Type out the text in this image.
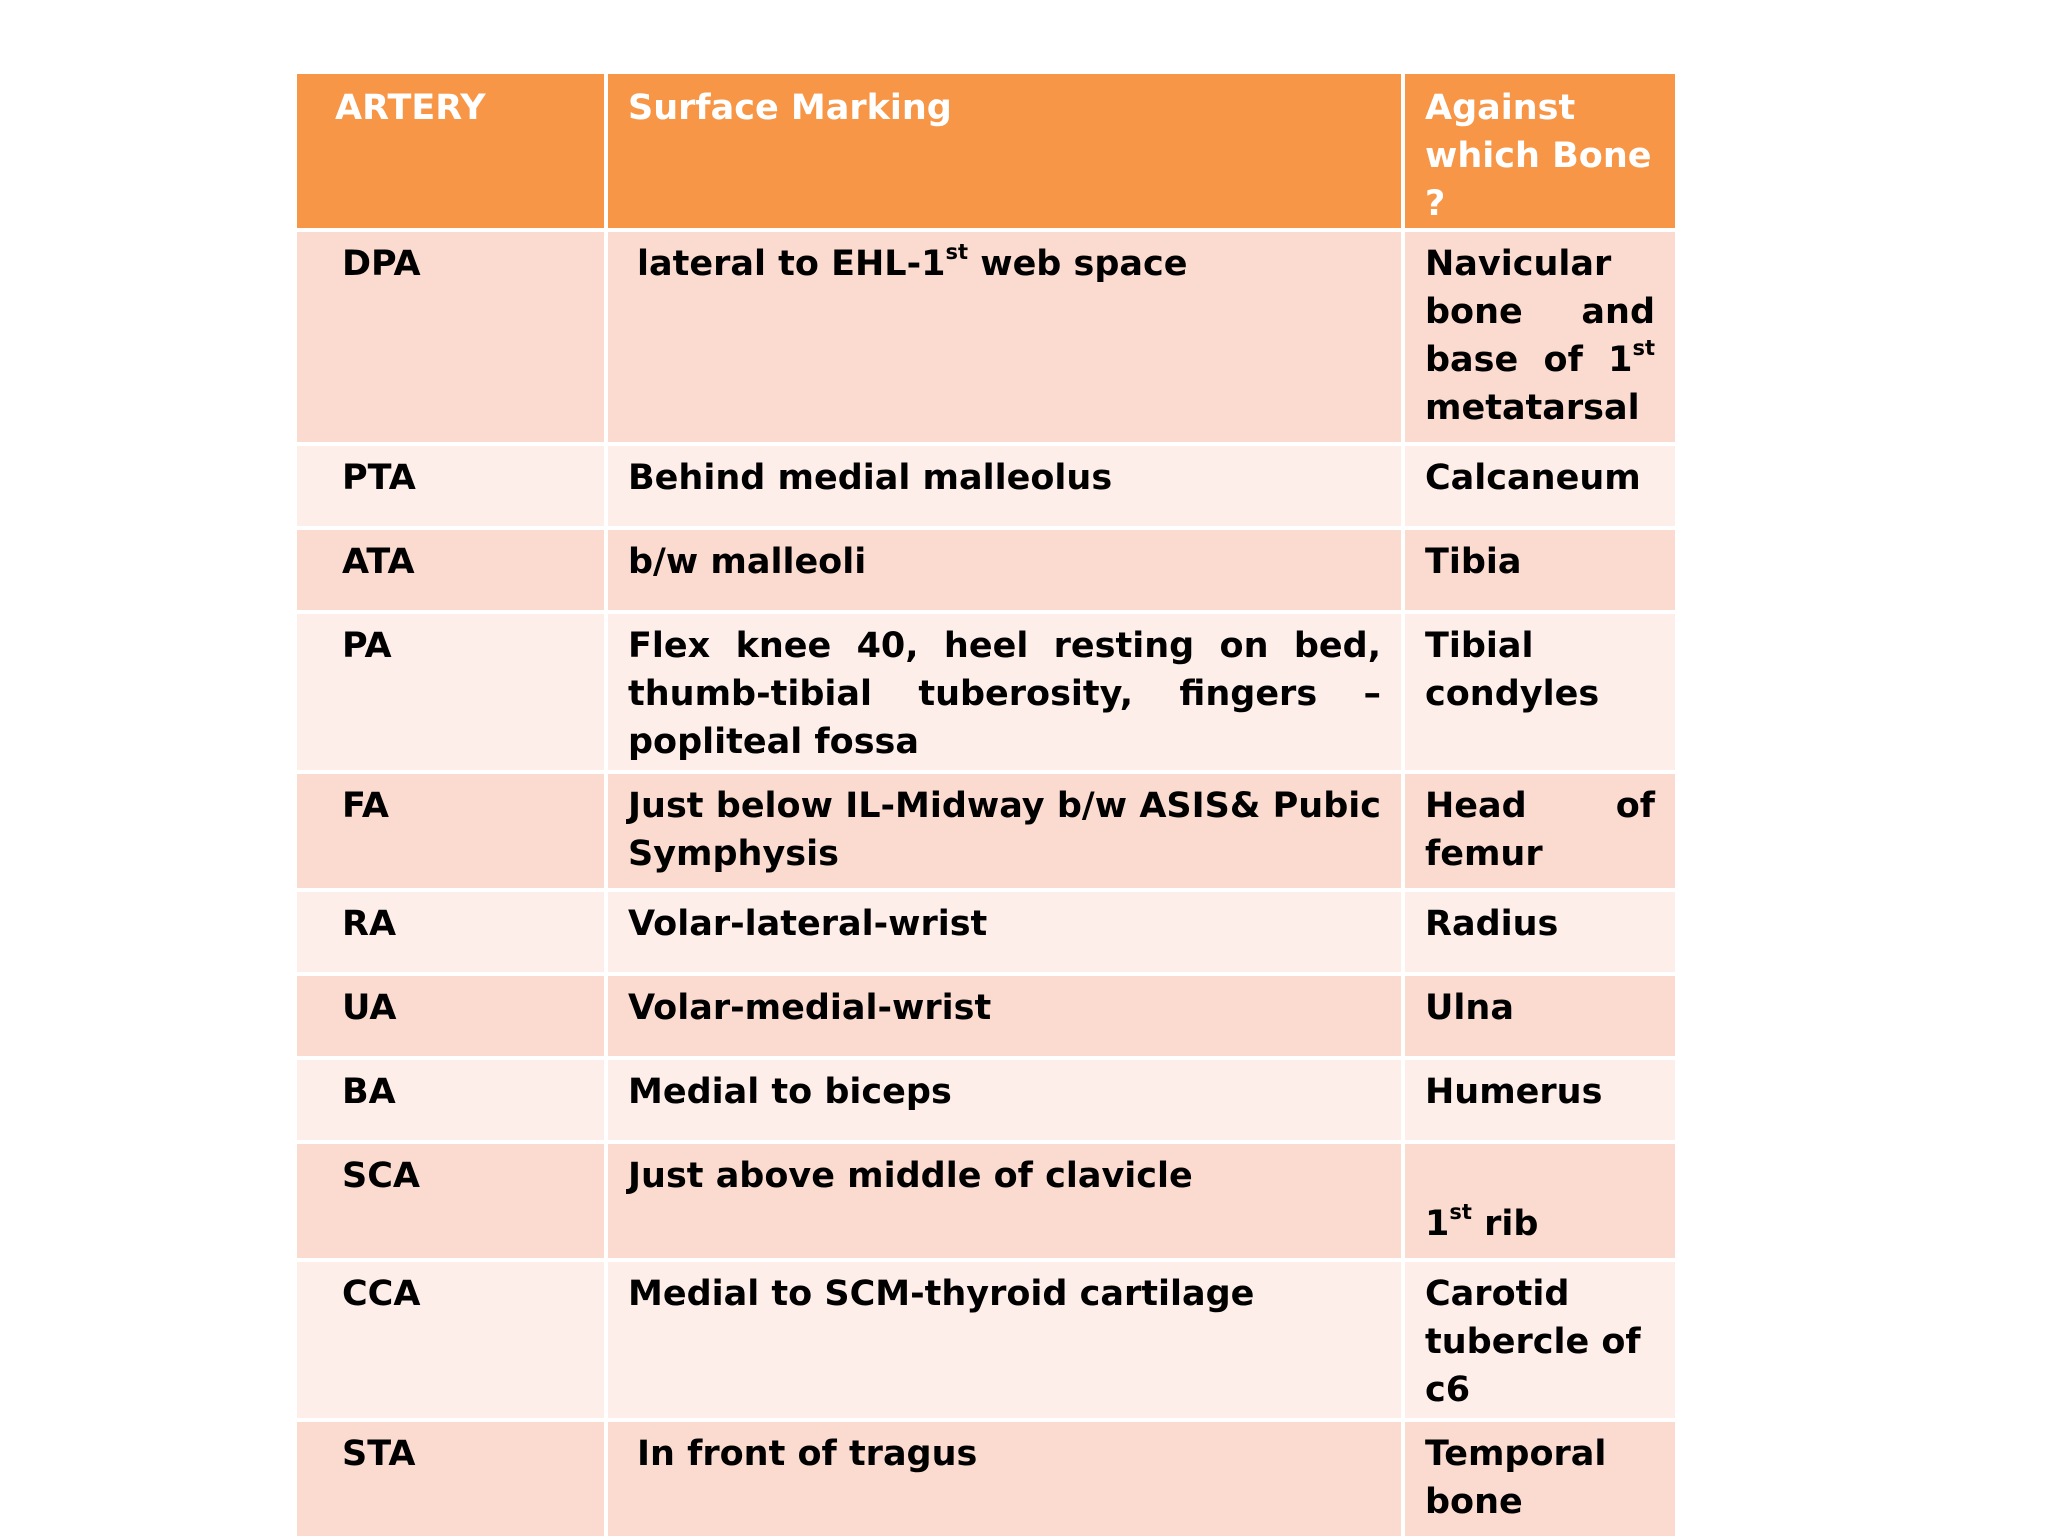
ARTERY	Surface Marking	Against which Bone ?
DPA	lateral to EHL-1st web space	Navicular bone and base of 1st metatarsal
PTA	Behind medial malleolus	Calcaneum
ATA	b/w malleoli	Tibia
PA	Flex knee 40, heel resting on bed, thumb-tibial tuberosity, fingers –popliteal fossa	Tibial condyles
FA	Just below IL-Midway b/w ASIS& Pubic Symphysis	Head of femur
RA	Volar-lateral-wrist	Radius
UA	Volar-medial-wrist	Ulna
BA	Medial to biceps	Humerus
SCA	Just above middle of clavicle	1st rib
CCA	Medial to SCM-thyroid cartilage	Carotid tubercle of c6
STA	In front of tragus	Temporal bone
